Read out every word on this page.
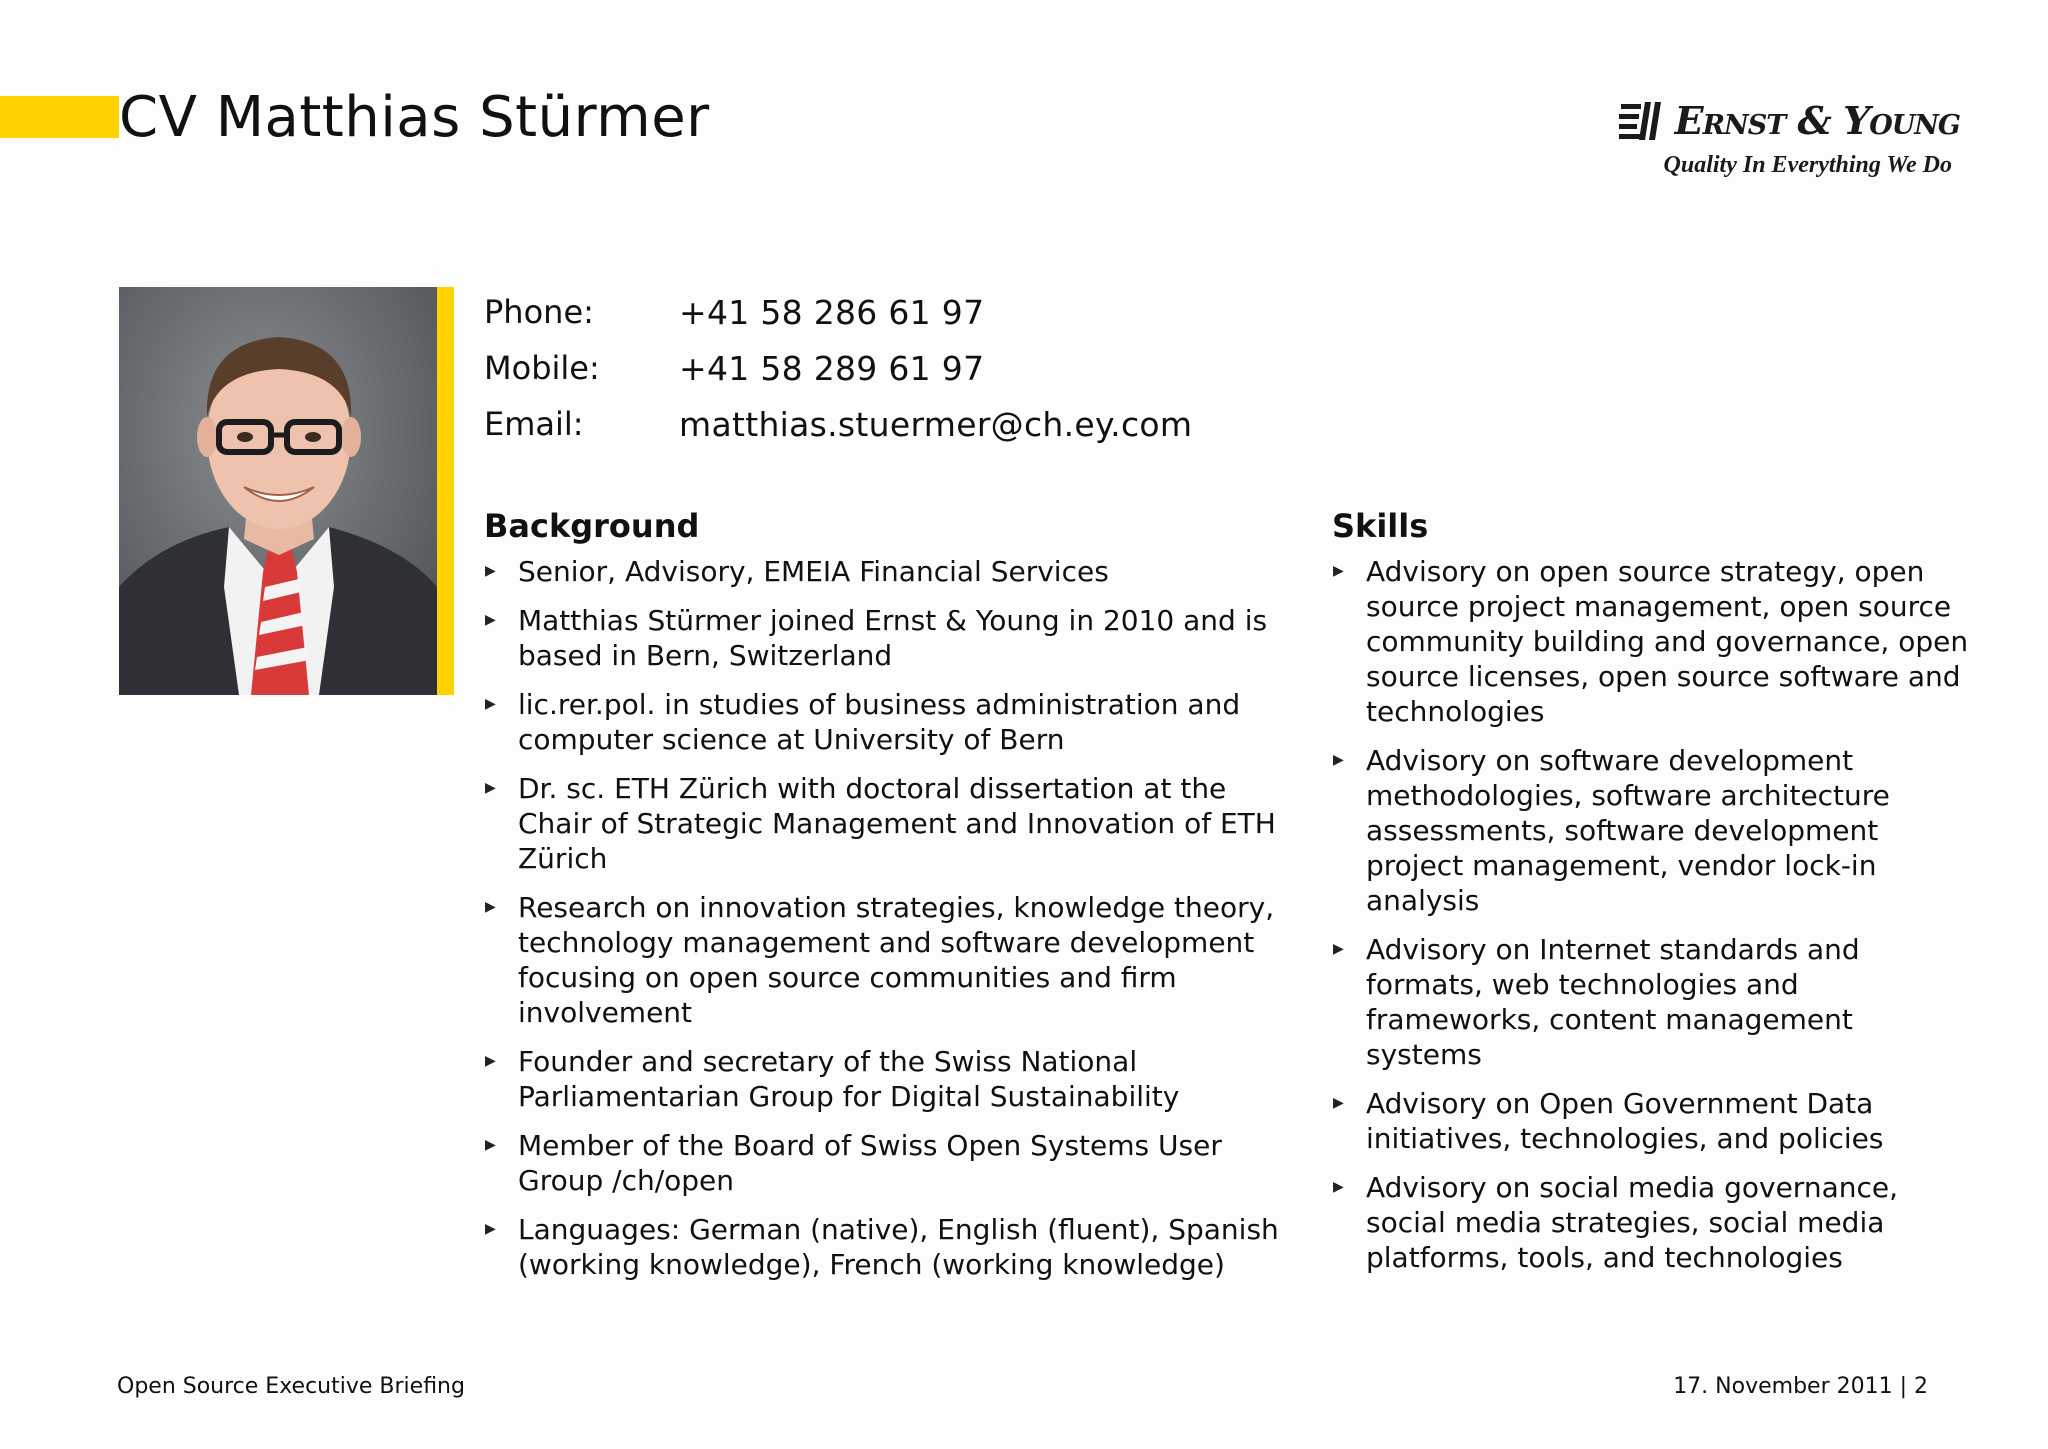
CV Matthias Stürmer	Ernst & Young
Quality In Everything We Do
Phone:	+41 58 286 61 97
Mobile:	+41 58 289 61 97
Email:	matthias.stuermer@ch.ey.com
Background
▶ Senior, Advisory, EMEIA Financial Services
▶ Matthias Stürmer joined Ernst & Young in 2010 and is based in Bern, Switzerland
▶ lic.rer.pol. in studies of business administration and computer science at University of Bern
▶ Dr. sc. ETH Zürich with doctoral dissertation at the Chair of Strategic Management and Innovation of ETH Zürich
▶ Research on innovation strategies, knowledge theory, technology management and software development focusing on open source communities and firm involvement
▶ Founder and secretary of the Swiss National Parliamentarian Group for Digital Sustainability
▶ Member of the Board of Swiss Open Systems User Group /ch/open
▶ Languages: German (native), English (fluent), Spanish (working knowledge), French (working knowledge)
Skills
▶ Advisory on open source strategy, open source project management, open source community building and governance, open source licenses, open source software and technologies
▶ Advisory on software development methodologies, software architecture assessments, software development project management, vendor lock-in analysis
▶ Advisory on Internet standards and formats, web technologies and frameworks, content management systems
▶ Advisory on Open Government Data initiatives, technologies, and policies
▶ Advisory on social media governance, social media strategies, social media platforms, tools, and technologies
Open Source Executive Briefing	17. November 2011 | 2
